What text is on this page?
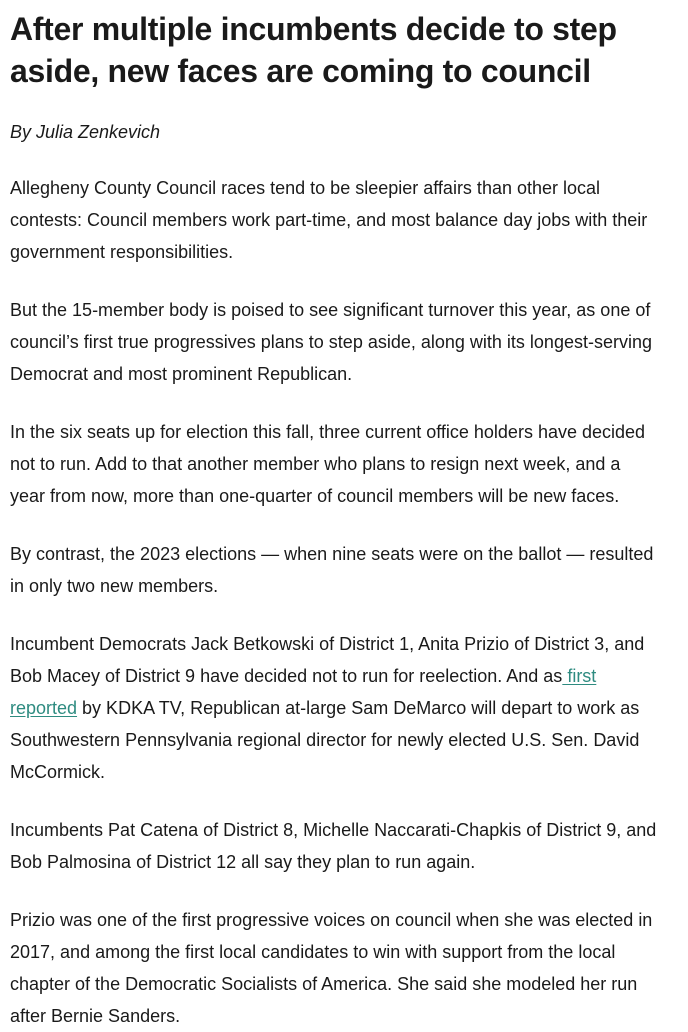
After multiple incumbents decide to step aside, new faces are coming to council

By Julia Zenkevich

Allegheny County Council races tend to be sleepier affairs than other local contests: Council members work part-time, and most balance day jobs with their government responsibilities.

But the 15-member body is poised to see significant turnover this year, as one of council’s first true progressives plans to step aside, along with its longest-serving Democrat and most prominent Republican.

In the six seats up for election this fall, three current office holders have decided not to run. Add to that another member who plans to resign next week, and a year from now, more than one-quarter of council members will be new faces.

By contrast, the 2023 elections — when nine seats were on the ballot — resulted in only two new members.

Incumbent Democrats Jack Betkowski of District 1, Anita Prizio of District 3, and Bob Macey of District 9 have decided not to run for reelection. And as first reported by KDKA TV, Republican at-large Sam DeMarco will depart to work as Southwestern Pennsylvania regional director for newly elected U.S. Sen. David McCormick.

Incumbents Pat Catena of District 8, Michelle Naccarati-Chapkis of District 9, and Bob Palmosina of District 12 all say they plan to run again.

Prizio was one of the first progressive voices on council when she was elected in 2017, and among the first local candidates to win with support from the local chapter of the Democratic Socialists of America. She said she modeled her run after Bernie Sanders.
